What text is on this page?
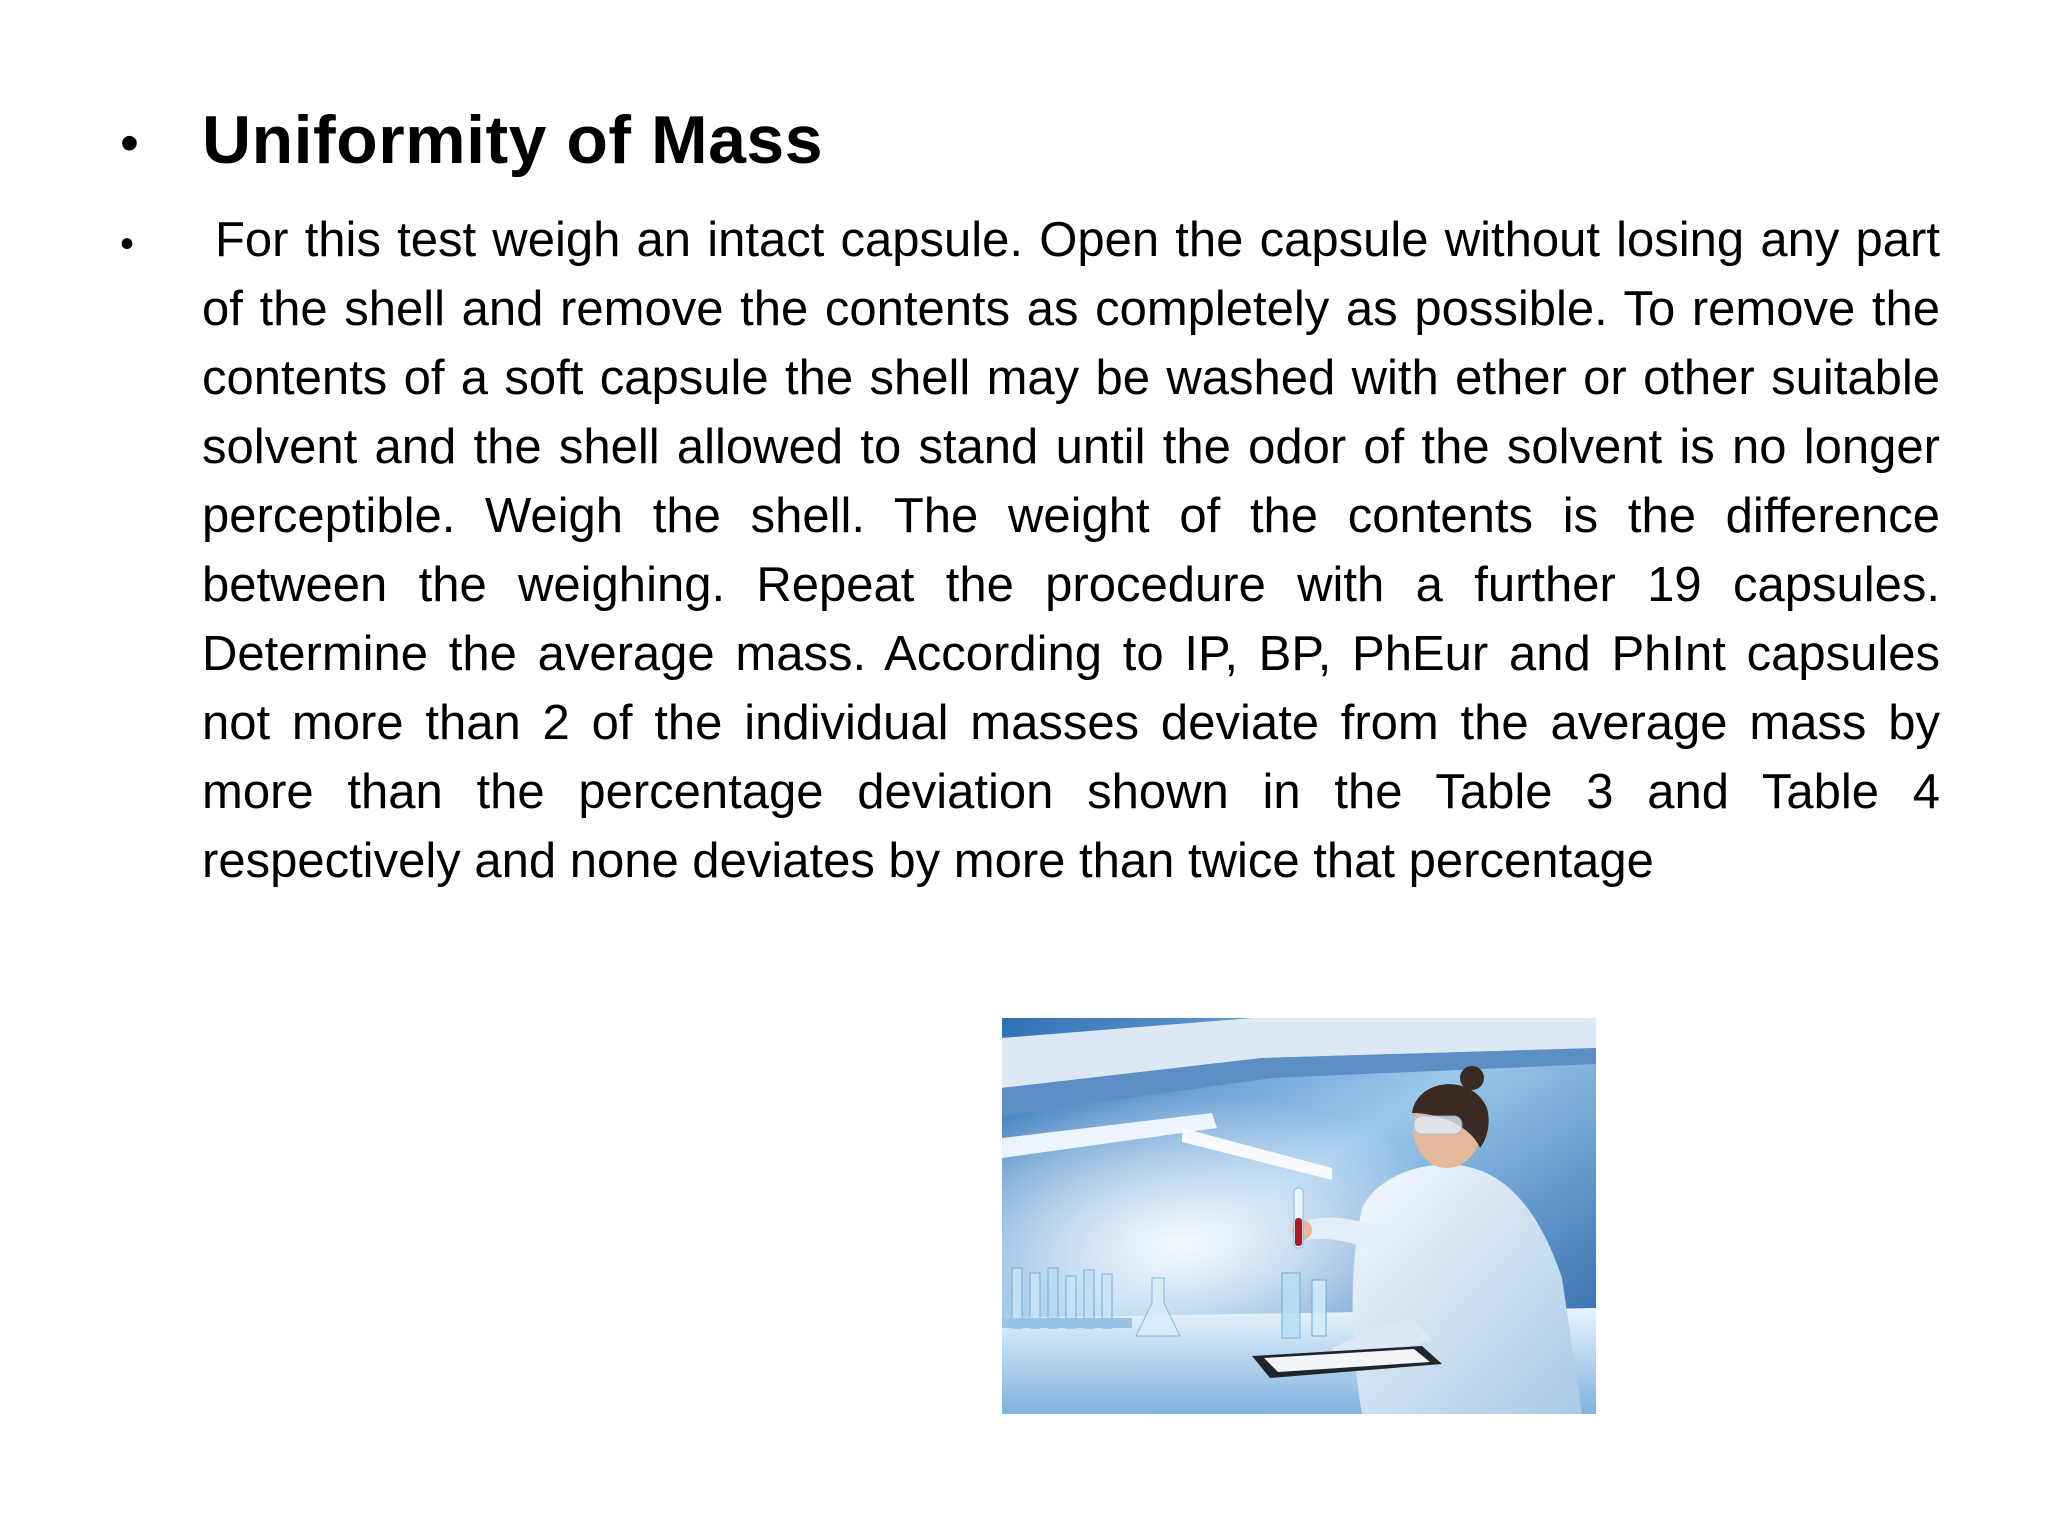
• Uniformity of Mass
•	For this test weigh an intact capsule. Open the capsule without losing any part of the shell and remove the contents as completely as possible. To remove the contents of a soft capsule the shell may be washed with ether or other suitable solvent and the shell allowed to stand until the odor of the solvent is no longer perceptible. Weigh the shell. The weight of the contents is the difference between the weighing. Repeat the procedure with a further 19 capsules. Determine the average mass. According to IP, BP, PhEur and PhInt capsules not more than 2 of the individual masses deviate from the average mass by more than the percentage deviation shown in the Table 3 and Table 4 respectively and none deviates by more than twice that percentage
